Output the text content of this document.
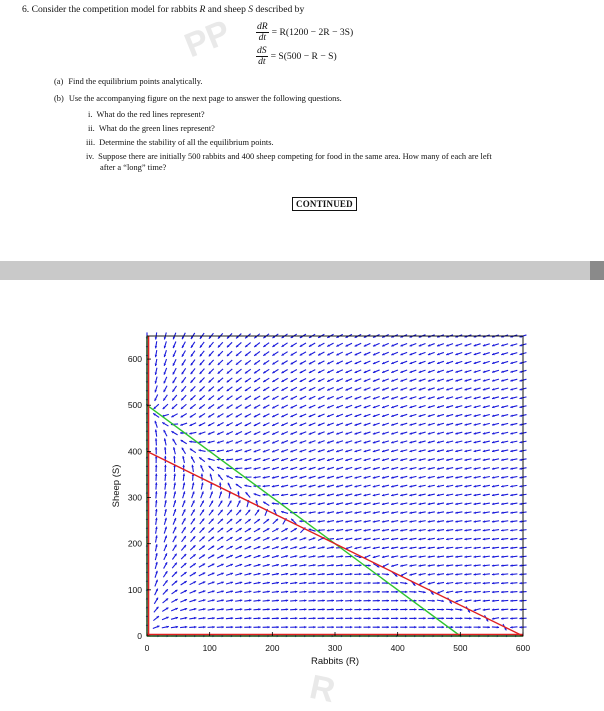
PP
R
6. Consider the competition model for rabbits R and sheep S described by
$\frac{dR}{dt} = R(1200 - 2R - 3S)$
$\frac{dS}{dt} = S(500 - R - S)$
(a) Find the equilibrium points analytically.
(b) Use the accompanying figure on the next page to answer the following questions.
i. What do the red lines represent?
ii. What do the green lines represent?
iii. Determine the stability of all the equilibrium points.
iv. Suppose there are initially 500 rabbits and 400 sheep competing for food in the same area. How many of each are left
after a “long” time?
CONTINUED
0	100	200	300	400	500	600
0
100
200
300
400
500
600
Rabbits (R)
Sheep (S)
